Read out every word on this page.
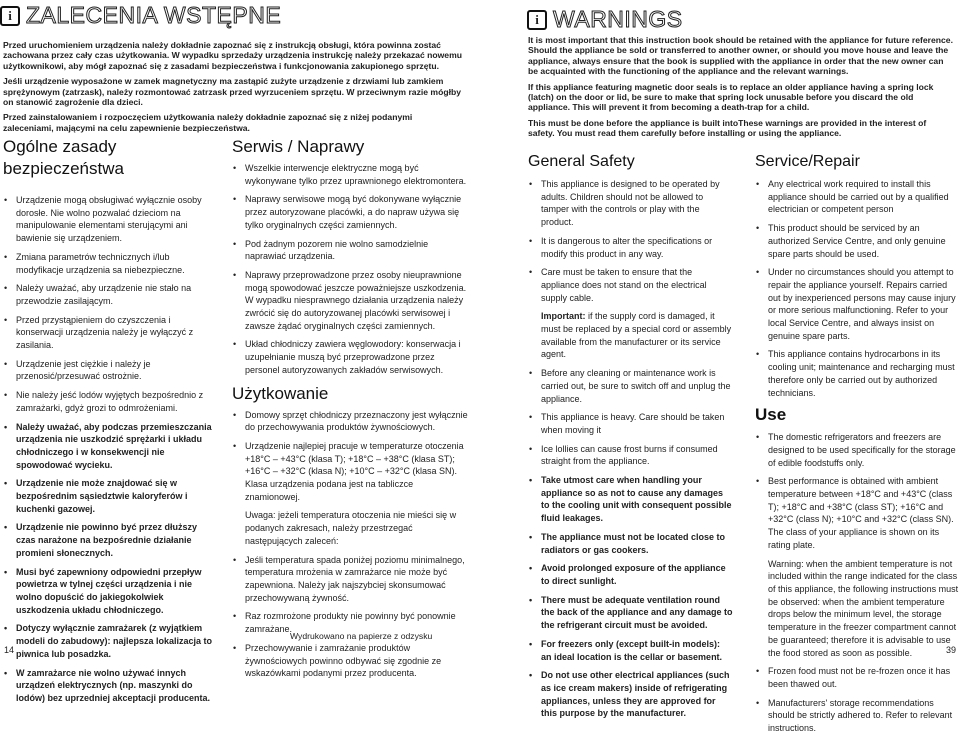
i ZALECENIA WSTĘPNE

Przed uruchomieniem urządzenia należy dokładnie zapoznać się z instrukcją obsługi, która powinna zostać zachowana przez cały czas użytkowania. W wypadku sprzedaży urządzenia instrukcję należy przekazać nowemu użytkownikowi, aby mógł zapoznać się z zasadami bezpieczeństwa i funkcjonowania zakupionego sprzętu.

Jeśli urządzenie wyposażone w zamek magnetyczny ma zastąpić zużyte urządzenie z drzwiami lub zamkiem sprężynowym (zatrzask), należy rozmontować zatrzask przed wyrzuceniem sprzętu. W przeciwnym razie mógłby on stanowić zagrożenie dla dzieci.

Przed zainstalowaniem i rozpoczęciem użytkowania należy dokładnie zapoznać się z niżej podanymi zaleceniami, mającymi na celu zapewnienie bezpieczeństwa.

Ogólne zasady
bezpieczeństwa
• Urządzenie mogą obsługiwać wyłącznie osoby dorosłe. Nie wolno pozwalać dzieciom na manipulowanie elementami sterującymi ani bawienie się urządzeniem.
• Zmiana parametrów technicznych i/lub modyfikacje urządzenia sa niebezpieczne.
• Należy uważać, aby urządzenie nie stało na przewodzie zasilającym.
• Przed przystąpieniem do czyszczenia i konserwacji urządzenia należy je wyłączyć z zasilania.
• Urządzenie jest ciężkie i należy je przenosić/przesuwać ostrożnie.
• Nie należy jeść lodów wyjętych bezpośrednio z zamrażarki, gdyż grozi to odmrożeniami.
• Należy uważać, aby podczas przemieszczania urządzenia nie uszkodzić sprężarki i układu chłodniczego i w konsekwencji nie spowodować wycieku.
• Urządzenie nie może znajdować się w bezpośrednim sąsiedztwie kaloryferów i kuchenki gazowej.
• Urządzenie nie powinno być przez dłuższy czas narażone na bezpośrednie działanie promieni słonecznych.
• Musi być zapewniony odpowiedni przepływ powietrza w tylnej części urządzenia i nie wolno dopuścić do jakiegokolwiek uszkodzenia układu chłodniczego.
• Dotyczy wyłącznie zamrażarek (z wyjątkiem modeli do zabudowy): najlepsza lokalizacja to piwnica lub posadzka.
• W zamrażarce nie wolno używać innych urządzeń elektrycznych (np. maszynki do lodów) bez uprzedniej akceptacji producenta.
Serwis / Naprawy
• Wszelkie interwencje elektryczne mogą być wykonywane tylko przez uprawnionego elektromontera.
• Naprawy serwisowe mogą być dokonywane wyłącznie przez autoryzowane placówki, a do napraw używa się tylko oryginalnych części zamiennych.
• Pod żadnym pozorem nie wolno samodzielnie naprawiać urządzenia.
• Naprawy przeprowadzone przez osoby nieuprawnione mogą spowodować jeszcze poważniejsze uszkodzenia. W wypadku niesprawnego działania urządzenia należy zwrócić się do autoryzowanej placówki serwisowej i zawsze żądać oryginalnych części zamiennych.
• Układ chłodniczy zawiera węglowodory: konserwacja i uzupełnianie muszą być przeprowadzone przez personel autoryzowanych zakładów serwisowych.
Użytkowanie
• Domowy sprzęt chłodniczy przeznaczony jest wyłącznie do przechowywania produktów żywnościowych.
• Urządzenie najlepiej pracuje w temperaturze otoczenia +18°C – +43°C (klasa T); +18°C – +38°C (klasa ST); +16°C – +32°C (klasa N); +10°C – +32°C (klasa SN). Klasa urządzenia podana jest na tabliczce znamionowej.
Uwaga: jeżeli temperatura otoczenia nie mieści się w podanych zakresach, należy przestrzegać następujących zaleceń:
• Jeśli temperatura spada poniżej poziomu minimalnego, temperatura mrożenia w zamrażarce nie może być zapewniona. Należy jak najszybciej skonsumować przechowywaną żywność.
• Raz rozmrożone produkty nie powinny być ponownie zamrażane.
• Przechowywanie i zamrażanie produktów żywnościowych powinno odbywać się zgodnie ze wskazówkami podanymi przez producenta.
Wydrukowano na papierze z odzysku
14
i WARNINGS

It is most important that this instruction book should be retained with the appliance for future reference. Should the appliance be sold or transferred to another owner, or should you move house and leave the appliance, always ensure that the book is supplied with the appliance in order that the new owner can be acquainted with the functioning of the appliance and the relevant warnings.

If this appliance featuring magnetic door seals is to replace an older appliance having a spring lock (latch) on the door or lid, be sure to make that spring lock unusable before you discard the old appliance. This will prevent it from becoming a death-trap for a child.

This must be done before the appliance is built intoThese warnings are provided in the interest of safety. You must read them carefully before installing or using the appliance.

General Safety
• This appliance is designed to be operated by adults. Children should not be allowed to tamper with the controls or play with the product.
• It is dangerous to alter the specifications or modify this product in any way.
• Care must be taken to ensure that the appliance does not stand on the electrical supply cable.
Important: if the supply cord is damaged, it must be replaced by a special cord or assembly available from the manufacturer or its service agent.
• Before any cleaning or maintenance work is carried out, be sure to switch off and unplug the appliance.
• This appliance is heavy. Care should be taken when moving it
• Ice lollies can cause frost burns if consumed straight from the appliance.
• Take utmost care when handling your appliance so as not to cause any damages to the cooling unit with consequent possible fluid leakages.
• The appliance must not be located close to radiators or gas cookers.
• Avoid prolonged exposure of the appliance to direct sunlight.
• There must be adequate ventilation round the back of the appliance and any damage to the refrigerant circuit must be avoided.
• For freezers only (except built-in models): an ideal location is the cellar or basement.
• Do not use other electrical appliances (such as ice cream makers) inside of refrigerating appliances, unless they are approved for this purpose by the manufacturer.
Service/Repair
• Any electrical work required to install this appliance should be carried out by a qualified electrician or competent person
• This product should be serviced by an authorized Service Centre, and only genuine spare parts should be used.
• Under no circumstances should you attempt to repair the appliance yourself. Repairs carried out by inexperienced persons may cause injury or more serious malfunctioning. Refer to your local Service Centre, and always insist on genuine spare parts.
• This appliance contains hydrocarbons in its cooling unit; maintenance and recharging must therefore only be carried out by authorized technicians.
Use
• The domestic refrigerators and freezers are designed to be used specifically for the storage of edible foodstuffs only.
• Best performance is obtained with ambient temperature between +18°C and +43°C (class T); +18°C and +38°C (class ST); +16°C and +32°C (class N); +10°C and +32°C (class SN). The class of your appliance is shown on its rating plate.
Warning: when the ambient temperature is not included within the range indicated for the class of this appliance, the following instructions must be observed: when the ambient temperature drops below the minimum level, the storage temperature in the freezer compartment cannot be guaranteed; therefore it is advisable to use the food stored as soon as possible.
• Frozen food must not be re-frozen once it has been thawed out.
• Manufacturers' storage recommendations should be strictly adhered to. Refer to relevant instructions.
39
